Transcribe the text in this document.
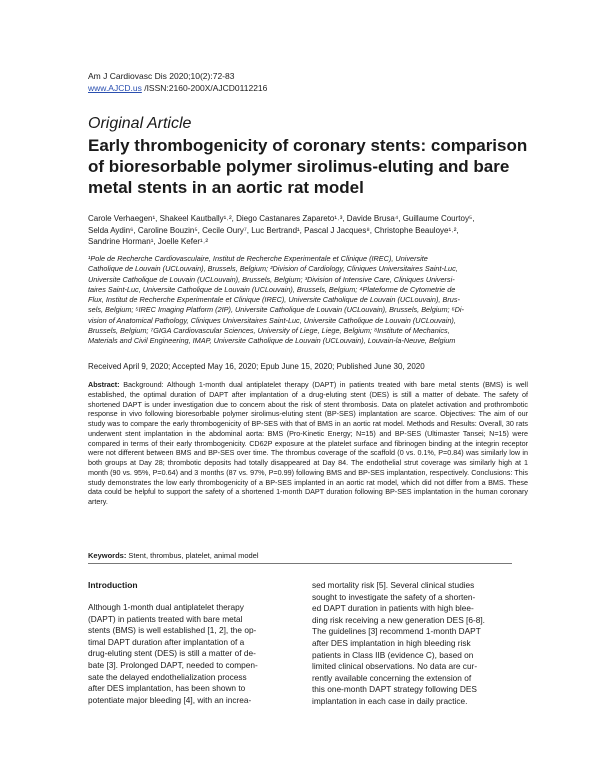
Am J Cardiovasc Dis 2020;10(2):72-83
www.AJCD.us /ISSN:2160-200X/AJCD0112216
Original Article
Early thrombogenicity of coronary stents: comparison of bioresorbable polymer sirolimus-eluting and bare metal stents in an aortic rat model
Carole Verhaegen¹, Shakeel Kautbally¹˒², Diego Castanares Zapareto¹˒³, Davide Brusa⁴, Guillaume Courtoy⁵,
Selda Aydin⁶, Caroline Bouzin⁵, Cecile Oury⁷, Luc Bertrand¹, Pascal J Jacques⁸, Christophe Beauloye¹˒²,
Sandrine Horman¹, Joelle Kefer¹˒²
¹Pole de Recherche Cardiovasculaire, Institut de Recherche Experimentale et Clinique (IREC), Universite
Catholique de Louvain (UCLouvain), Brussels, Belgium; ²Division of Cardiology, Cliniques Universitaires Saint-Luc,
Universite Catholique de Louvain (UCLouvain), Brussels, Belgium; ³Division of Intensive Care, Cliniques Universi-
taires Saint-Luc, Universite Catholique de Louvain (UCLouvain), Brussels, Belgium; ⁴Plateforme de Cytometrie de
Flux, Institut de Recherche Experimentale et Clinique (IREC), Universite Catholique de Louvain (UCLouvain), Brus-
sels, Belgium; ⁵IREC Imaging Platform (2IP), Universite Catholique de Louvain (UCLouvain), Brussels, Belgium; ⁶Di-
vision of Anatomical Pathology, Cliniques Universitaires Saint-Luc, Universite Catholique de Louvain (UCLouvain),
Brussels, Belgium; ⁷GIGA Cardiovascular Sciences, University of Liege, Liege, Belgium; ⁸Institute of Mechanics,
Materials and Civil Engineering, IMAP, Universite Catholique de Louvain (UCLouvain), Louvain-la-Neuve, Belgium
Received April 9, 2020; Accepted May 16, 2020; Epub June 15, 2020; Published June 30, 2020
Abstract: Background: Although 1-month dual antiplatelet therapy (DAPT) in patients treated with bare metal stents (BMS) is well established, the optimal duration of DAPT after implantation of a drug-eluting stent (DES) is still a matter of debate. The safety of shortened DAPT is under investigation due to concern about the risk of stent thrombosis. Data on platelet activation and prothrombotic response in vivo following bioresorbable polymer sirolimus-eluting stent (BP-SES) implantation are scarce. Objectives: The aim of our study was to compare the early thrombogenicity of BP-SES with that of BMS in an aortic rat model. Methods and Results: Overall, 30 rats underwent stent implantation in the abdominal aorta: BMS (Pro-Kinetic Energy; N=15) and BP-SES (Ultimaster Tansei; N=15) were compared in terms of their early thrombogenicity. CD62P exposure at the platelet surface and fibrinogen binding at the integrin receptor were not different between BMS and BP-SES over time. The thrombus coverage of the scaffold (0 vs. 0.1%, P=0.84) was similarly low in both groups at Day 28; thrombotic deposits had totally disappeared at Day 84. The endothelial strut coverage was similarly high at 1 month (90 vs. 95%, P=0.64) and 3 months (87 vs. 97%, P=0.99) following BMS and BP-SES implantation, respectively. Conclusions: This study demonstrates the low early thrombogenicity of a BP-SES implanted in an aortic rat model, which did not differ from a BMS. These data could be helpful to support the safety of a shortened 1-month DAPT duration following BP-SES implantation in the human coronary artery.
Keywords: Stent, thrombus, platelet, animal model
Introduction
Although 1-month dual antiplatelet therapy
(DAPT) in patients treated with bare metal
stents (BMS) is well established [1, 2], the op-
timal DAPT duration after implantation of a
drug-eluting stent (DES) is still a matter of de-
bate [3]. Prolonged DAPT, needed to compen-
sate the delayed endothelialization process
after DES implantation, has been shown to
potentiate major bleeding [4], with an increa-
sed mortality risk [5]. Several clinical studies
sought to investigate the safety of a shorten-
ed DAPT duration in patients with high blee-
ding risk receiving a new generation DES [6-8].
The guidelines [3] recommend 1-month DAPT
after DES implantation in high bleeding risk
patients in Class IIB (evidence C), based on
limited clinical observations. No data are cur-
rently available concerning the extension of
this one-month DAPT strategy following DES
implantation in each case in daily practice.
